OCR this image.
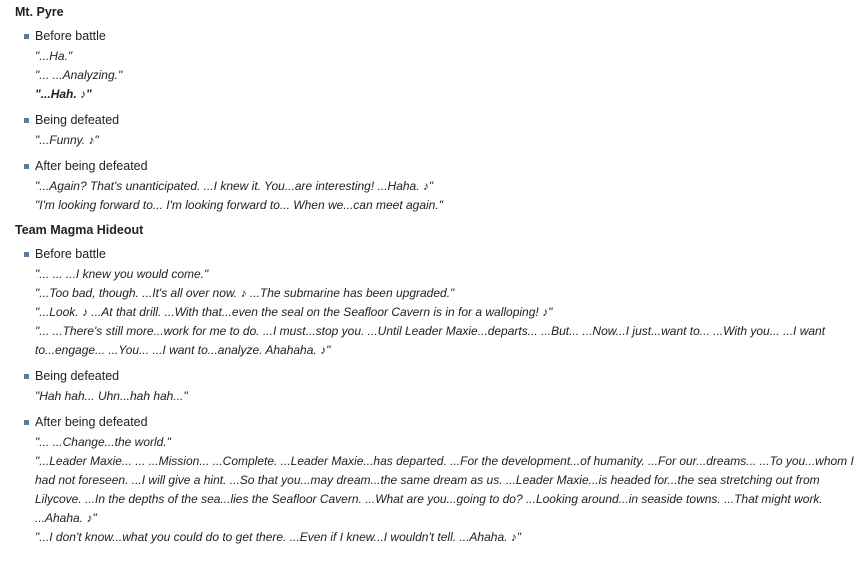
Mt. Pyre
Before battle
"...Ha."
"... ...Analyzing."
"...Hah. ♪"
Being defeated
"...Funny. ♪"
After being defeated
"...Again? That's unanticipated. ...I knew it. You...are interesting! ...Haha. ♪"
"I'm looking forward to... I'm looking forward to... When we...can meet again."
Team Magma Hideout
Before battle
"... ... ...I knew you would come."
"...Too bad, though. ...It's all over now. ♪ ...The submarine has been upgraded."
"...Look. ♪ ...At that drill. ...With that...even the seal on the Seafloor Cavern is in for a walloping! ♪"
"... ...There's still more...work for me to do. ...I must...stop you. ...Until Leader Maxie...departs... ...But... ...Now...I just...want to... ...With you... ...I want to...engage... ...You... ...I want to...analyze. Ahahaha. ♪"
Being defeated
"Hah hah... Uhn...hah hah..."
After being defeated
"... ...Change...the world."
"...Leader Maxie... ... ...Mission... ...Complete. ...Leader Maxie...has departed. ...For the development...of humanity. ...For our...dreams... ...To you...whom I had not foreseen. ...I will give a hint. ...So that you...may dream...the same dream as us. ...Leader Maxie...is headed for...the sea stretching out from Lilycove. ...In the depths of the sea...lies the Seafloor Cavern. ...What are you...going to do? ...Looking around...in seaside towns. ...That might work. ...Ahaha. ♪"
"...I don't know...what you could do to get there. ...Even if I knew...I wouldn't tell. ...Ahaha. ♪"
